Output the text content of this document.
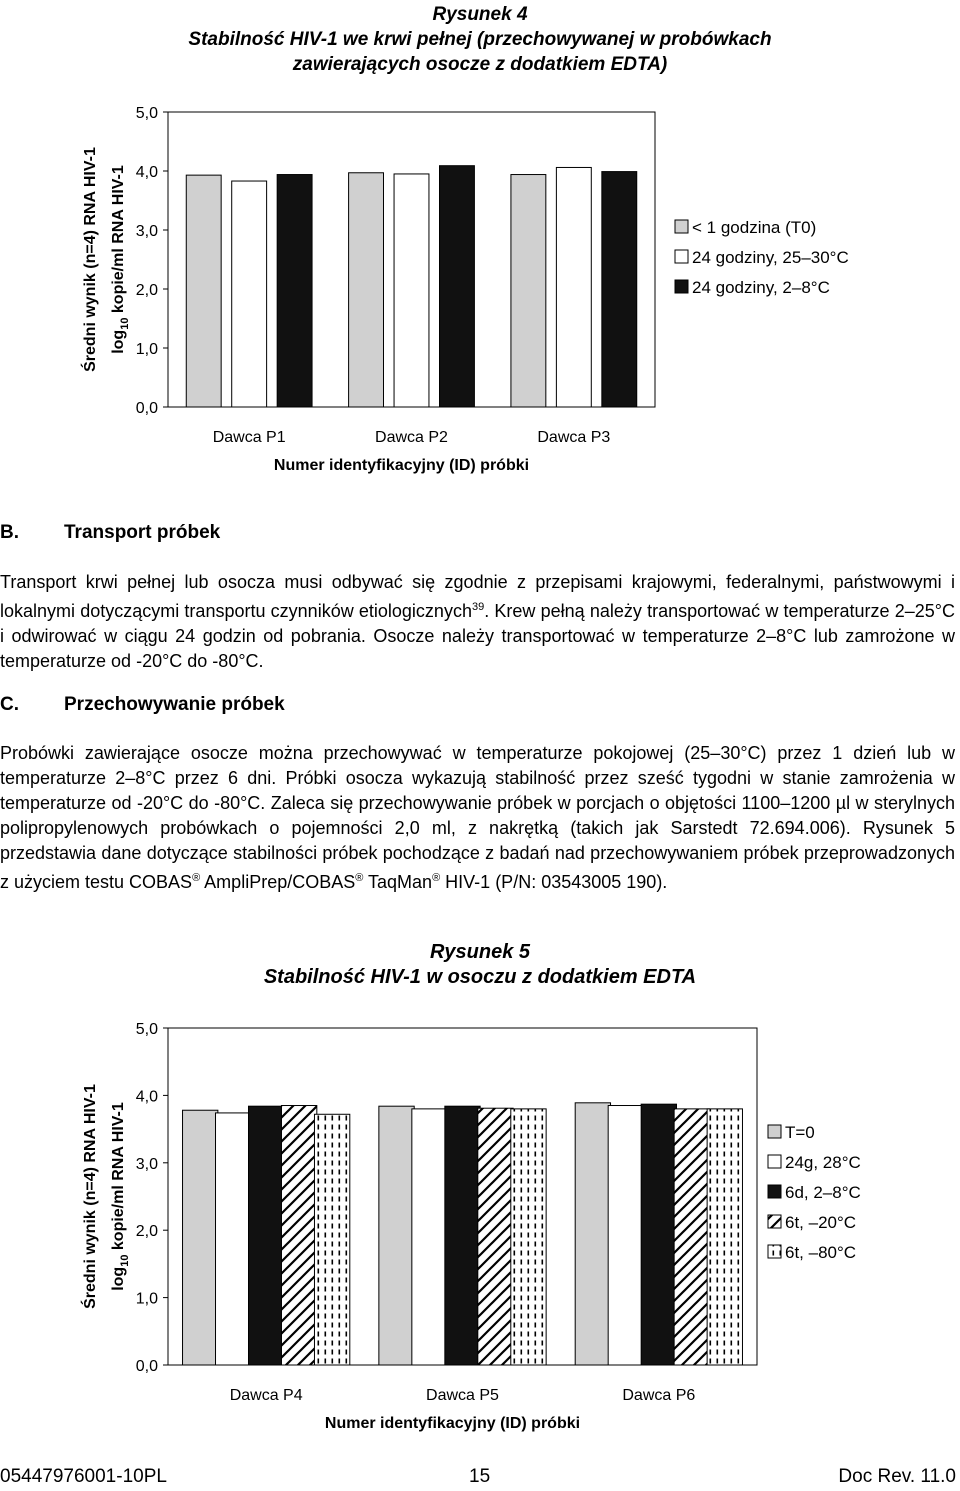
Rysunek 4
Stabilność HIV-1 we krwi pełnej (przechowywanej w probówkach
zawierających osocze z dodatkiem EDTA)
5,0
4,0
3,0
2,0
1,0
0,0
Dawca P1	Dawca P2	Dawca P3
Numer identyfikacyjny (ID) próbki
Średni wynik (n=4) RNA HIV-1 $\log_{10}$ kopie/ml RNA HIV-1	< 1 godzina (T0)
24 godziny, 25–30°C
24 godziny, 2–8°C
B. Transport próbek
Transport krwi pełnej lub osocza musi odbywać się zgodnie z przepisami krajowymi, federalnymi, państwowymi i lokalnymi dotyczącymi transportu czynników etiologicznych$^{39}$. Krew pełną należy transportować w temperaturze 2–25°C i odwirować w ciągu 24 godzin od pobrania. Osocze należy transportować w temperaturze 2–8°C lub zamrożone w temperaturze od -20°C do -80°C.
C. Przechowywanie próbek
Probówki zawierające osocze można przechowywać w temperaturze pokojowej (25–30°C) przez 1 dzień lub w temperaturze 2–8°C przez 6 dni. Próbki osocza wykazują stabilność przez sześć tygodni w stanie zamrożenia w temperaturze od -20°C do -80°C. Zaleca się przechowywanie próbek w porcjach o objętości 1100–1200 µl w sterylnych polipropylenowych probówkach o pojemności 2,0 ml, z nakrętką (takich jak Sarstedt 72.694.006). Rysunek 5 przedstawia dane dotyczące stabilności próbek pochodzące z badań nad przechowywaniem próbek przeprowadzonych z użyciem testu COBAS® AmpliPrep/COBAS® TaqMan® HIV-1 (P/N: 03543005 190).
Rysunek 5
Stabilność HIV-1 w osoczu z dodatkiem EDTA
5,0
4,0
3,0
2,0
1,0
0,0
Dawca P4	Dawca P5	Dawca P6
Numer identyfikacyjny (ID) próbki
Średni wynik (n=4) RNA HIV-1 $\log_{10}$ kopie/ml RNA HIV-1	T=0
24g, 28°C
6d, 2–8°C
6t, –20°C
6t, –80°C
05447976001-10PL	15	Doc Rev. 11.0
